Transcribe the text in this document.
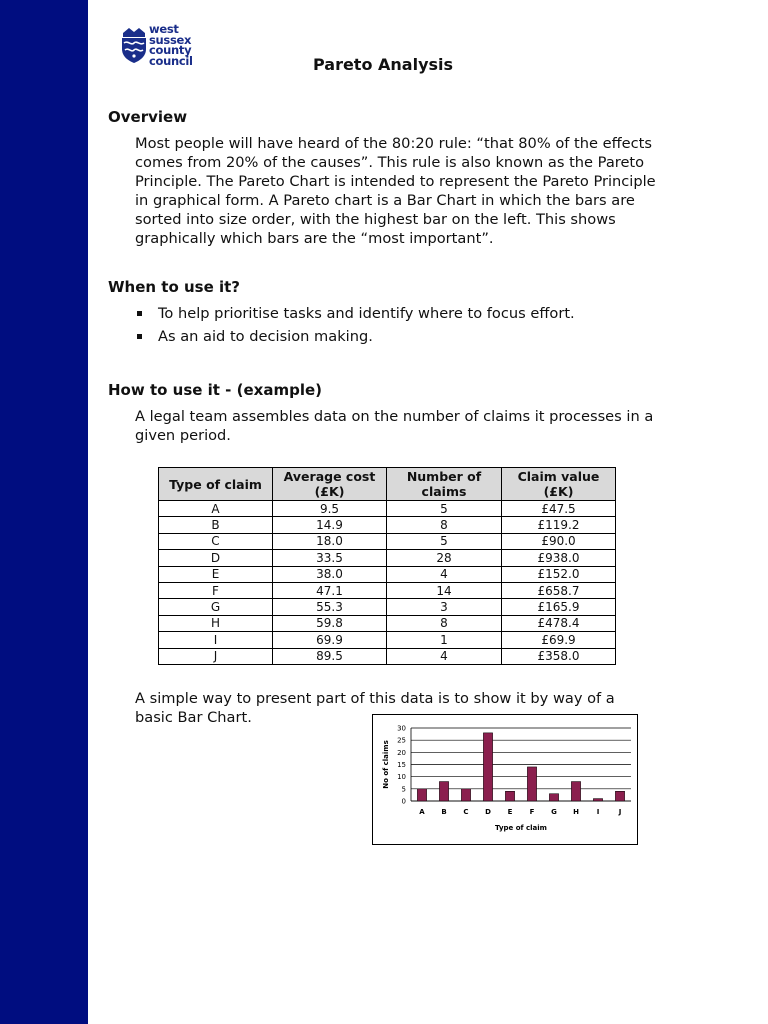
west
sussex
county
council	Pareto Analysis
Overview
Most people will have heard of the 80:20 rule: “that 80% of the effects
comes from 20% of the causes”. This rule is also known as the Pareto
Principle. The Pareto Chart is intended to represent the Pareto Principle
in graphical form. A Pareto chart is a Bar Chart in which the bars are
sorted into size order, with the highest bar on the left. This shows
graphically which bars are the “most important”.
When to use it?
To help prioritise tasks and identify where to focus effort.
As an aid to decision making.
How to use it - (example)
A legal team assembles data on the number of claims it processes in a
given period.
Type of claim	Average cost (£K)	Number of claims	Claim value (£K)
A	9.5	5	£47.5
B	14.9	8	£119.2
C	18.0	5	£90.0
D	33.5	28	£938.0
E	38.0	4	£152.0
F	47.1	14	£658.7
G	55.3	3	£165.9
H	59.8	8	£478.4
I	69.9	1	£69.9
J	89.5	4	£358.0
A simple way to present part of this data is to show it by way of a
basic Bar Chart.
0
5
10
15
20
25
30
A B C D E F G H	I	J
Type of claim
No of claims
